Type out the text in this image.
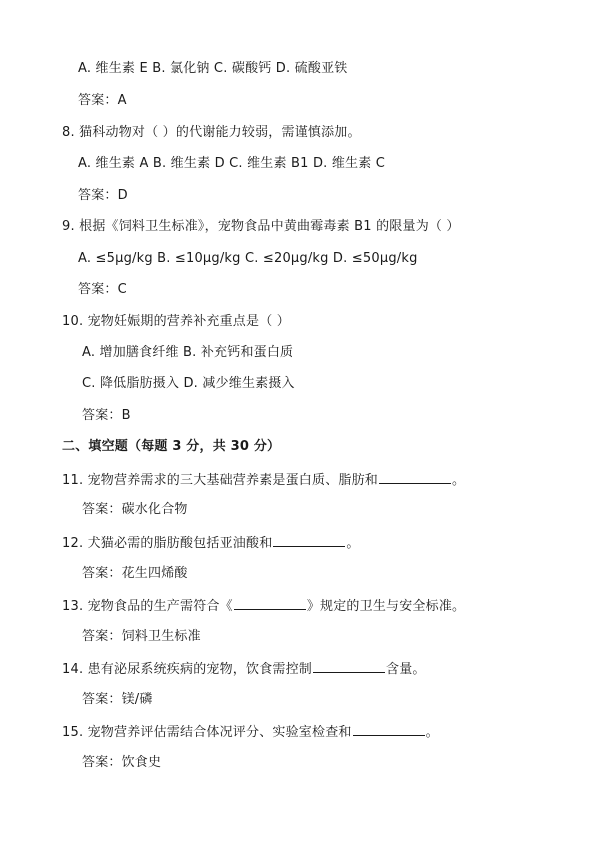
A. 维生素 E B. 氯化钠 C. 碳酸钙 D. 硫酸亚铁
答案：A
8. 猫科动物对（ ）的代谢能力较弱，需谨慎添加。
A. 维生素 A B. 维生素 D C. 维生素 B1 D. 维生素 C
答案：D
9. 根据《饲料卫生标准》，宠物食品中黄曲霉毒素 B1 的限量为（ ）
A. ≤5μg/kg B. ≤10μg/kg C. ≤20μg/kg D. ≤50μg/kg
答案：C
10. 宠物妊娠期的营养补充重点是（ ）
A. 增加膳食纤维 B. 补充钙和蛋白质
C. 降低脂肪摄入 D. 减少维生素摄入
答案：B
二、填空题（每题 3 分，共 30 分）
11. 宠物营养需求的三大基础营养素是蛋白质、脂肪和	。
答案：碳水化合物
12. 犬猫必需的脂肪酸包括亚油酸和	。
答案：花生四烯酸
13. 宠物食品的生产需符合《	》规定的卫生与安全标准。
答案：饲料卫生标准
14. 患有泌尿系统疾病的宠物，饮食需控制	含量。
答案：镁/磷
15. 宠物营养评估需结合体况评分、实验室检查和	。
答案：饮食史
